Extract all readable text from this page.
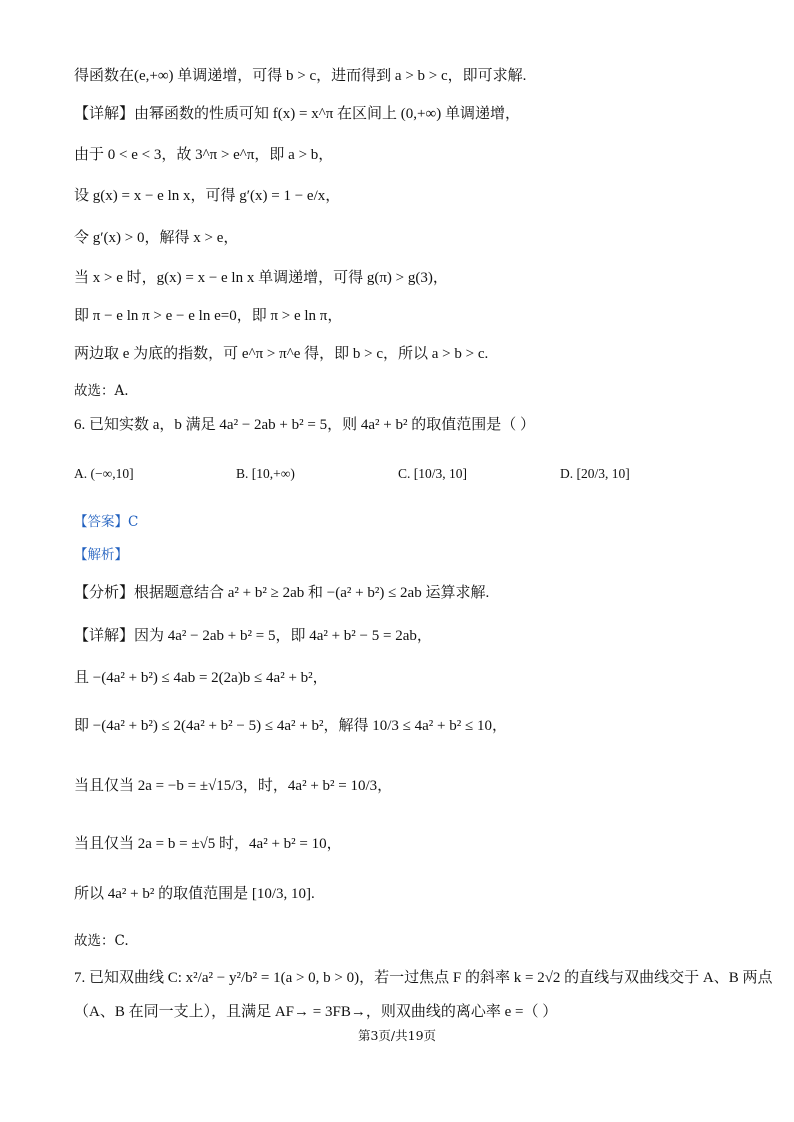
得函数在(e,+∞) 单调递增，可得 b > c，进而得到 a > b > c，即可求解.
【详解】由幂函数的性质可知 f(x) = x^π 在区间上 (0,+∞) 单调递增，
由于 0 < e < 3，故 3^π > e^π，即 a > b，
设 g(x) = x − e ln x，可得 g′(x) = 1 − e/x，
令 g′(x) > 0，解得 x > e，
当 x > e 时，g(x) = x − e ln x 单调递增，可得 g(π) > g(3)，
即 π − e ln π > e − e ln e=0，即 π > e ln π，
两边取 e 为底的指数，可 e^π > π^e 得，即 b > c，所以 a > b > c.
故选：A.
6. 已知实数 a，b 满足 4a² − 2ab + b² = 5，则 4a² + b² 的取值范围是（ ）
A. (−∞,10]	B. [10,+∞)	C. [10/3, 10]	D. [20/3, 10]
【答案】C
【解析】
【分析】根据题意结合 a² + b² ≥ 2ab 和 −(a² + b²) ≤ 2ab 运算求解.
【详解】因为 4a² − 2ab + b² = 5，即 4a² + b² − 5 = 2ab，
且 −(4a² + b²) ≤ 4ab = 2(2a)b ≤ 4a² + b²，
即 −(4a² + b²) ≤ 2(4a² + b² − 5) ≤ 4a² + b²，解得 10/3 ≤ 4a² + b² ≤ 10，
当且仅当 2a = −b = ±√15/3，时，4a² + b² = 10/3，
当且仅当 2a = b = ±√5 时，4a² + b² = 10，
所以 4a² + b² 的取值范围是 [10/3, 10].
故选：C.
7. 已知双曲线 C: x²/a² − y²/b² = 1(a > 0, b > 0)，若一过焦点 F 的斜率 k = 2√2 的直线与双曲线交于 A、B 两点
（A、B 在同一支上），且满足 AF→ = 3FB→，则双曲线的离心率 e =（ ）
第3页/共19页
